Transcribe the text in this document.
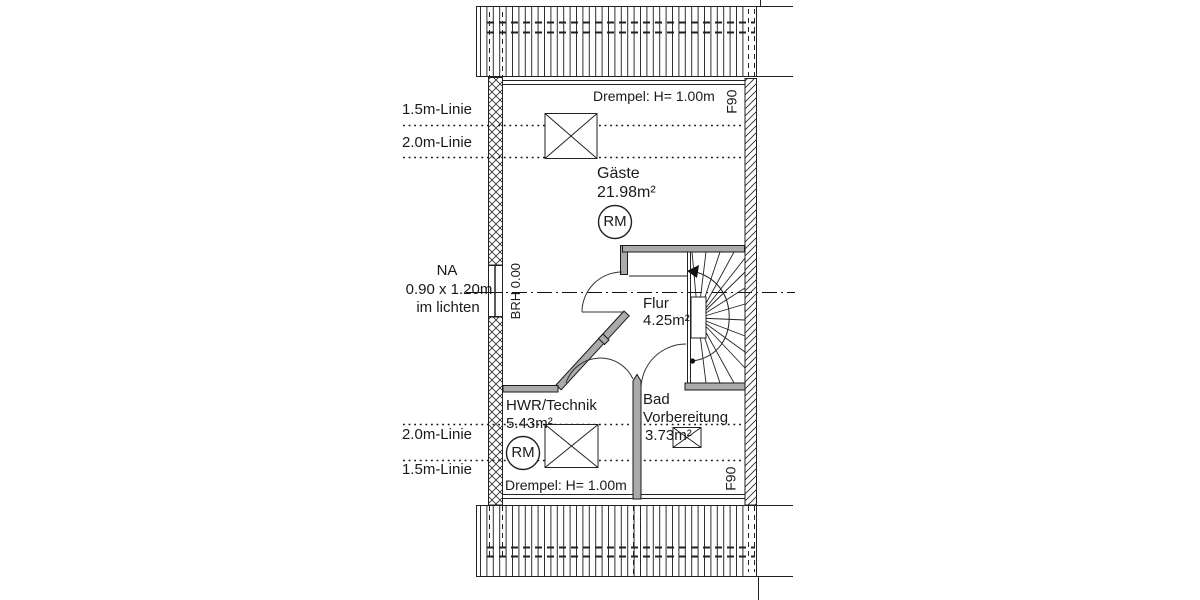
1.5m-Linie
2.0m-Linie
Drempel: H= 1.00m F90
Gäste
21.98m²
RM
NA
0.90 x 1.20m
im lichten BRH 0.00	Flur
4.25m²
HWR/Technik
5.43m²
RM
Bad
Vorbereitung
3.73m²
2.0m-Linie
1.5m-Linie
Drempel: H= 1.00m	F90
